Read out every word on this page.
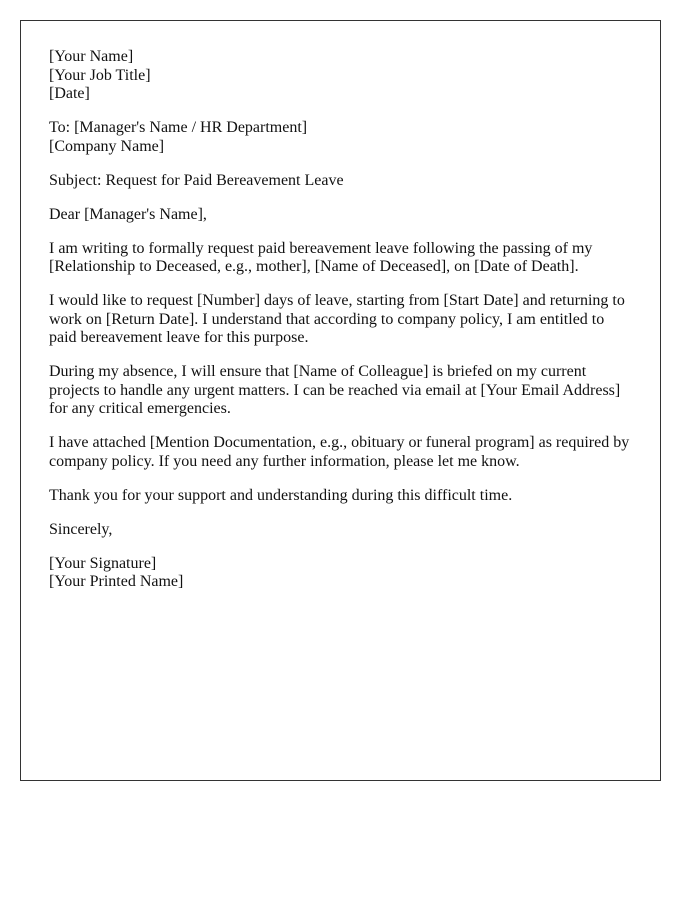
[Your Name]
[Your Job Title]
[Date]

To: [Manager's Name / HR Department]
[Company Name]

Subject: Request for Paid Bereavement Leave

Dear [Manager's Name],

I am writing to formally request paid bereavement leave following the passing of my [Relationship to Deceased, e.g., mother], [Name of Deceased], on [Date of Death].

I would like to request [Number] days of leave, starting from [Start Date] and returning to work on [Return Date]. I understand that according to company policy, I am entitled to paid bereavement leave for this purpose.

During my absence, I will ensure that [Name of Colleague] is briefed on my current projects to handle any urgent matters. I can be reached via email at [Your Email Address] for any critical emergencies.

I have attached [Mention Documentation, e.g., obituary or funeral program] as required by company policy. If you need any further information, please let me know.

Thank you for your support and understanding during this difficult time.

Sincerely,

[Your Signature]
[Your Printed Name]
